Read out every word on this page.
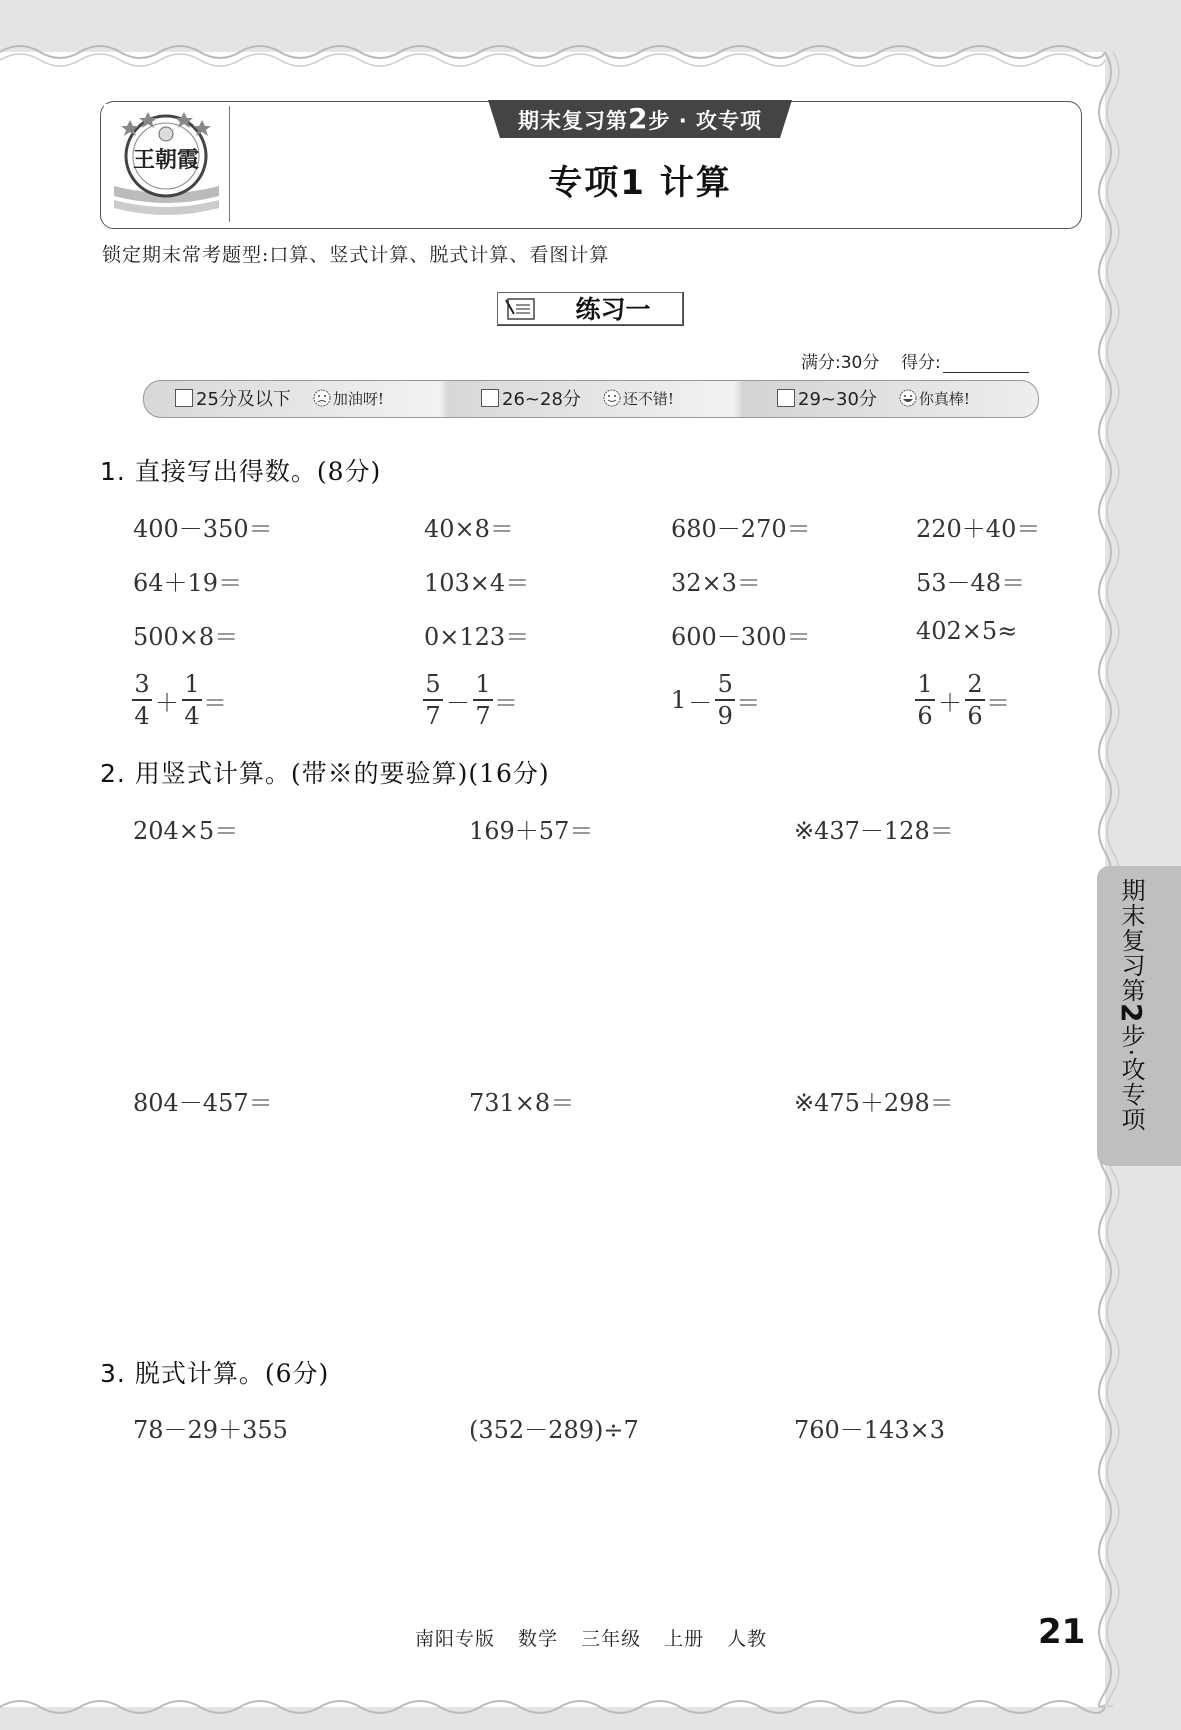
王朝霞
期末复习第2步 · 攻专项
专项1 计算
锁定期末常考题型:口算、竖式计算、脱式计算、看图计算
练习一
满分:30分 得分:
25分及以下	加油呀!	26~28分	还不错!	29~30分	你真棒!
1. 直接写出得数。(8分)
400－350＝	40×8＝	680－270＝	220＋40＝
64＋19＝	103×4＝	32×3＝	53－48＝
500×8＝	0×123＝	600－300＝	402×5≈
$\frac{3}{4} + \frac{1}{4}$ ＝	$\frac{5}{7} - \frac{1}{7}$ ＝	$1 - \frac{5}{9}$ ＝	$\frac{1}{6} + \frac{2}{6}$ ＝
2. 用竖式计算。(带※的要验算)(16分)
204×5＝	169＋57＝	※437－128＝
804－457＝	731×8＝	※475＋298＝
3. 脱式计算。(6分)
78－29＋355	(352－289)÷7	760－143×3
期末复习第2步·攻专项
南阳专版 数学 三年级 上册 人教	21
